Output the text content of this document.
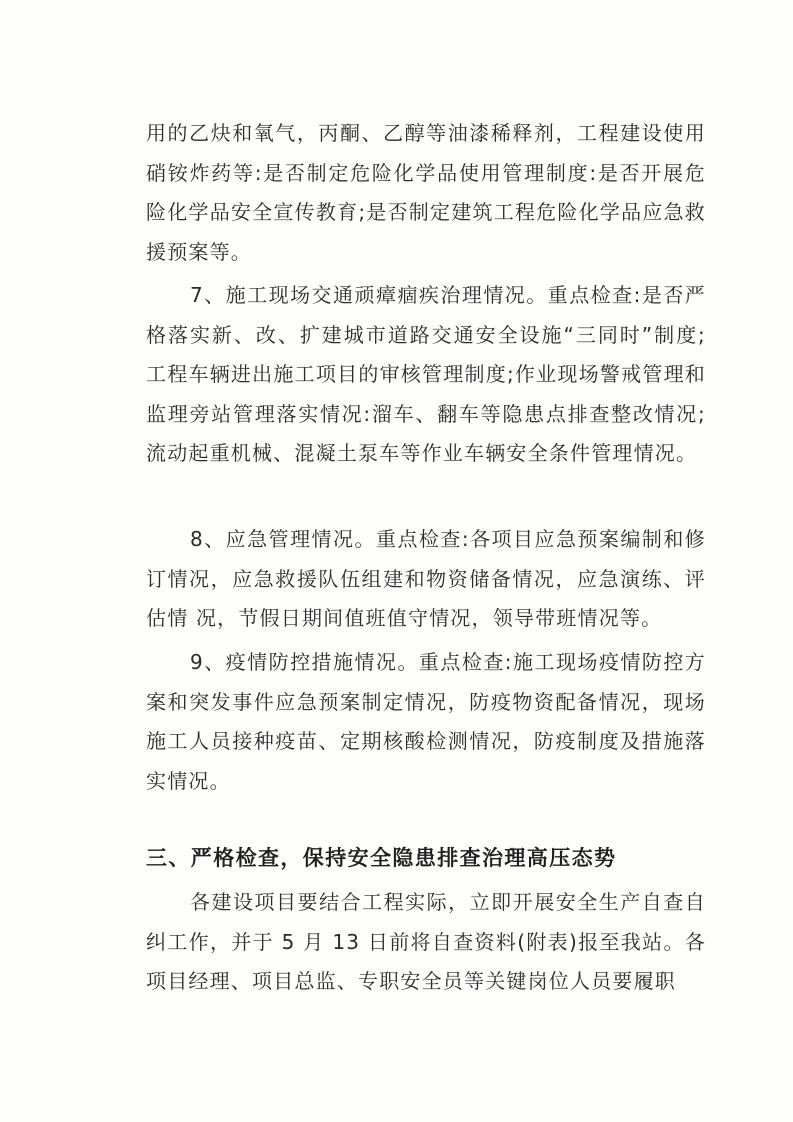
用的乙炔和氧气，丙酮、乙醇等油漆稀释剂，工程建设使用硝铵炸药等:是否制定危险化学品使用管理制度:是否开展危险化学品安全宣传教育;是否制定建筑工程危险化学品应急救援预案等。

7、施工现场交通顽瘴痼疾治理情况。重点检查:是否严格落实新、改、扩建城市道路交通安全设施“三同时”制度;工程车辆进出施工项目的审核管理制度;作业现场警戒管理和监理旁站管理落实情况:溜车、翻车等隐患点排查整改情况;流动起重机械、混凝土泵车等作业车辆安全条件管理情况。

8、应急管理情况。重点检查:各项目应急预案编制和修订情况，应急救援队伍组建和物资储备情况，应急演练、评估情 况，节假日期间值班值守情况，领导带班情况等。

9、疫情防控措施情况。重点检查:施工现场疫情防控方案和突发事件应急预案制定情况，防疫物资配备情况，现场施工人员接种疫苗、定期核酸检测情况，防疫制度及措施落实情况。

三、严格检查，保持安全隐患排查治理高压态势

各建设项目要结合工程实际，立即开展安全生产自查自纠工作，并于 5 月 13 日前将自查资料(附表)报至我站。各项目经理、项目总监、专职安全员等关键岗位人员要履职
